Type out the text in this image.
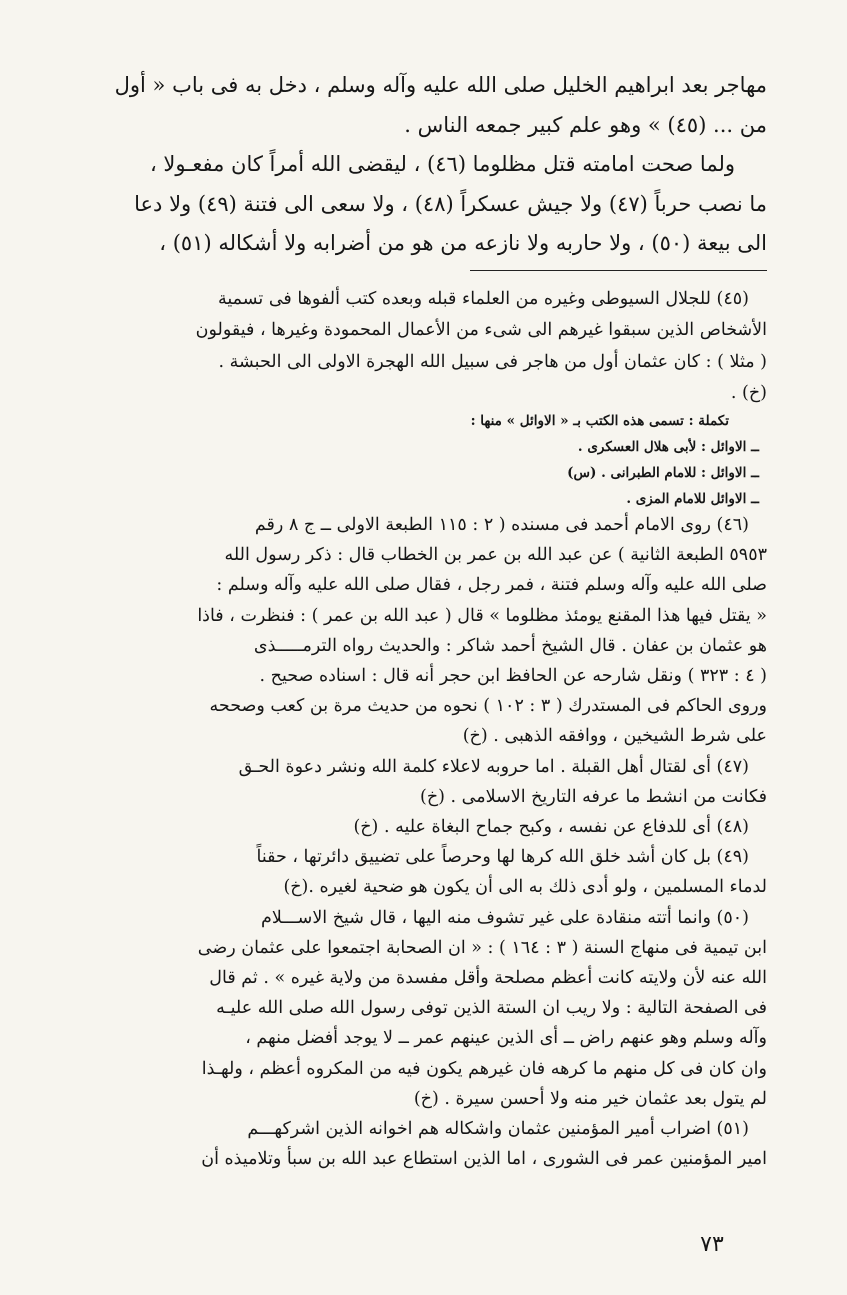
مهاجر بعد ابراهيم الخليل صلى الله عليه وآله وسلم ، دخل به فى باب « أول
من ... (٤٥) » وهو علم كبير جمعه الناس .
ولما صحت امامته قتل مظلوما (٤٦) ، ليقضى الله أمراً كان مفعـولا ،
ما نصب حرباً (٤٧) ولا جيش عسكراً (٤٨) ، ولا سعى الى فتنة (٤٩) ولا دعا
الى بيعة (٥٠) ، ولا حاربه ولا نازعه من هو من أضرابه ولا أشكاله (٥١) ،
(٤٥) للجلال السيوطى وغيره من العلماء قبله وبعده كتب ألفوها فى تسمية
الأشخاص الذين سبقوا غيرهم الى شىء من الأعمال المحمودة وغيرها ، فيقولون
( مثلا ) : كان عثمان أول من هاجر فى سبيل الله الهجرة الاولى الى الحبشة .
(خ) .
تكملة : تسمى هذه الكتب بـ « الاوائل » منها :
ــ الاوائل : لأبى هلال العسكرى .
ــ الاوائل : للامام الطبرانى . (س)
ــ الاوائل للامام المزى .
(٤٦) روى الامام أحمد فى مسنده ( ٢ : ١١٥ الطبعة الاولى ــ ج ٨ رقم
٥٩٥٣ الطبعة الثانية ) عن عبد الله بن عمر بن الخطاب قال : ذكر رسول الله
صلى الله عليه وآله وسلم فتنة ، فمر رجل ، فقال صلى الله عليه وآله وسلم :
« يقتل فيها هذا المقنع يومئذ مظلوما » قال ( عبد الله بن عمر ) : فنظرت ، فاذا
هو عثمان بن عفان . قال الشيخ أحمد شاكر : والحديث رواه الترمـــــذى
( ٤ : ٣٢٣ ) ونقل شارحه عن الحافظ ابن حجر أنه قال : اسناده صحيح .
وروى الحاكم فى المستدرك ( ٣ : ١٠٢ ) نحوه من حديث مرة بن كعب وصححه
على شرط الشيخين ، ووافقه الذهبى . (خ)
(٤٧) أى لقتال أهل القبلة . اما حروبه لاعلاء كلمة الله ونشر دعوة الحـق
فكانت من انشط ما عرفه التاريخ الاسلامى . (خ)
(٤٨) أى للدفاع عن نفسه ، وكبح جماح البغاة عليه . (خ)
(٤٩) بل كان أشد خلق الله كرها لها وحرصاً على تضييق دائرتها ، حقناً
لدماء المسلمين ، ولو أدى ذلك به الى أن يكون هو ضحية لغيره .(خ)
(٥٠) وانما أتته منقادة على غير تشوف منه اليها ، قال شيخ الاســـلام
ابن تيمية فى منهاج السنة ( ٣ : ١٦٤ ) : « ان الصحابة اجتمعوا على عثمان رضى
الله عنه لأن ولايته كانت أعظم مصلحة وأقل مفسدة من ولاية غيره » . ثم قال
فى الصفحة التالية : ولا ريب ان الستة الذين توفى رسول الله صلى الله عليـه
وآله وسلم وهو عنهم راض ــ أى الذين عينهم عمر ــ لا يوجد أفضل منهم ،
وان كان فى كل منهم ما كرهه فان غيرهم يكون فيه من المكروه أعظم ، ولهـذا
لم يتول بعد عثمان خير منه ولا أحسن سيرة . (خ)
(٥١) اضراب أمير المؤمنين عثمان واشكاله هم اخوانه الذين اشركهـــم
امير المؤمنين عمر فى الشورى ، اما الذين استطاع عبد الله بن سبأ وتلاميذه أن
٧٣
